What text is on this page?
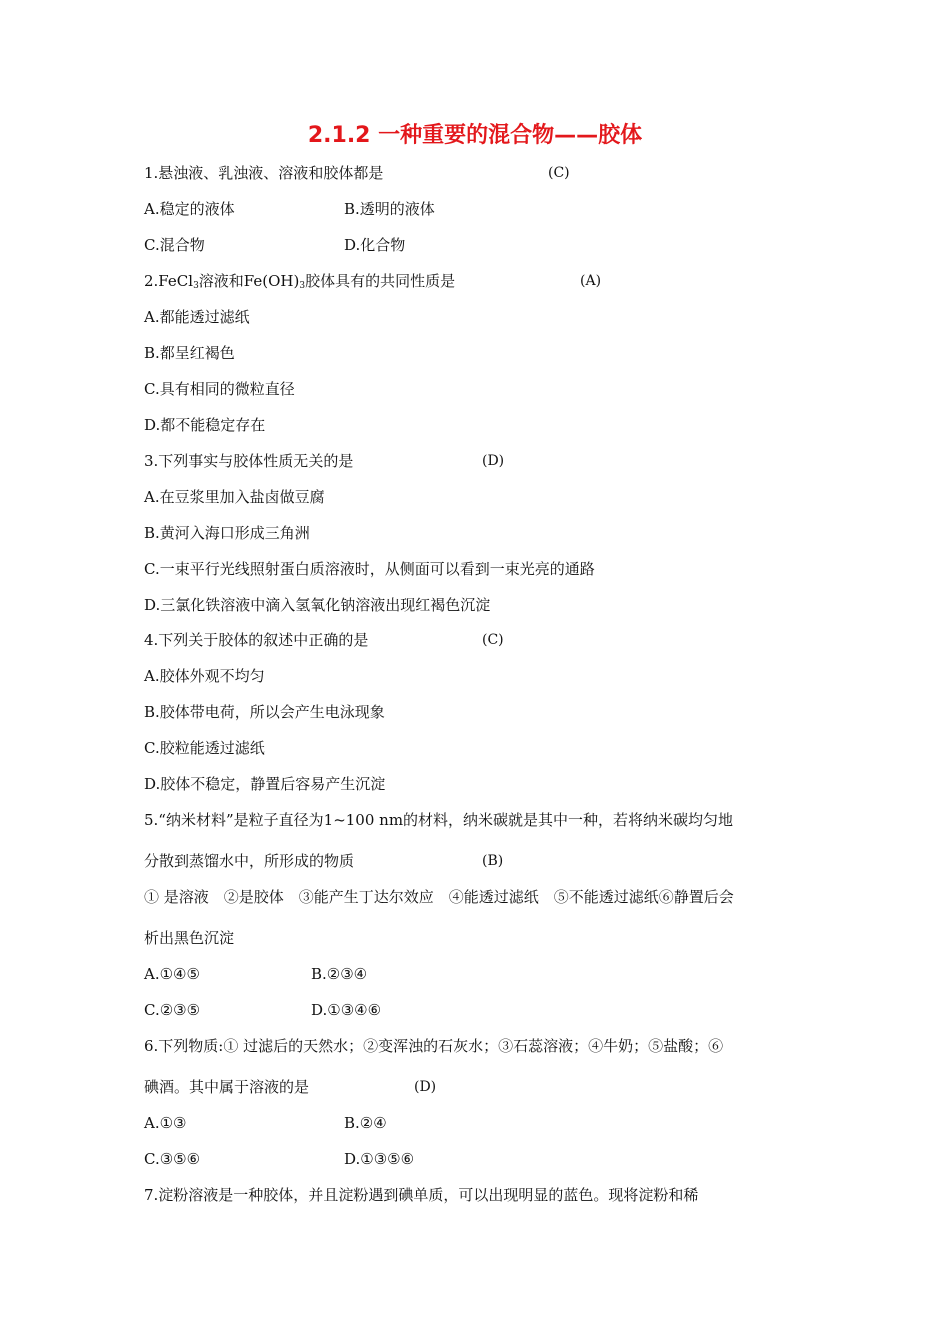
2.1.2 一种重要的混合物——胶体
1.悬浊液、乳浊液、溶液和胶体都是	(C)
A.稳定的液体	B.透明的液体
C.混合物	D.化合物
2.FeCl$_3$溶液和$Fe(OH)_3$胶体具有的共同性质是	(A)
A.都能透过滤纸
B.都呈红褐色
C.具有相同的微粒直径
D.都不能稳定存在
3.下列事实与胶体性质无关的是	(D)
A.在豆浆里加入盐卤做豆腐
B.黄河入海口形成三角洲
C.一束平行光线照射蛋白质溶液时，从侧面可以看到一束光亮的通路
D.三氯化铁溶液中滴入氢氧化钠溶液出现红褐色沉淀
4.下列关于胶体的叙述中正确的是	(C)
A.胶体外观不均匀
B.胶体带电荷，所以会产生电泳现象
C.胶粒能透过滤纸
D.胶体不稳定，静置后容易产生沉淀
5.“纳米材料”是粒子直径为1~100 nm的材料，纳米碳就是其中一种，若将纳米碳均匀地
分散到蒸馏水中，所形成的物质	(B)
① 是溶液　②是胶体　③能产生丁达尔效应　④能透过滤纸　⑤不能透过滤纸⑥静置后会
析出黑色沉淀
A.①④⑤	B.②③④
C.②③⑤	D.①③④⑥
6.下列物质:① 过滤后的天然水；②变浑浊的石灰水；③石蕊溶液；④牛奶；⑤盐酸；⑥
碘酒。其中属于溶液的是	(D)
A.①③	B.②④
C.③⑤⑥	D.①③⑤⑥
7.淀粉溶液是一种胶体，并且淀粉遇到碘单质，可以出现明显的蓝色。现将淀粉和稀
